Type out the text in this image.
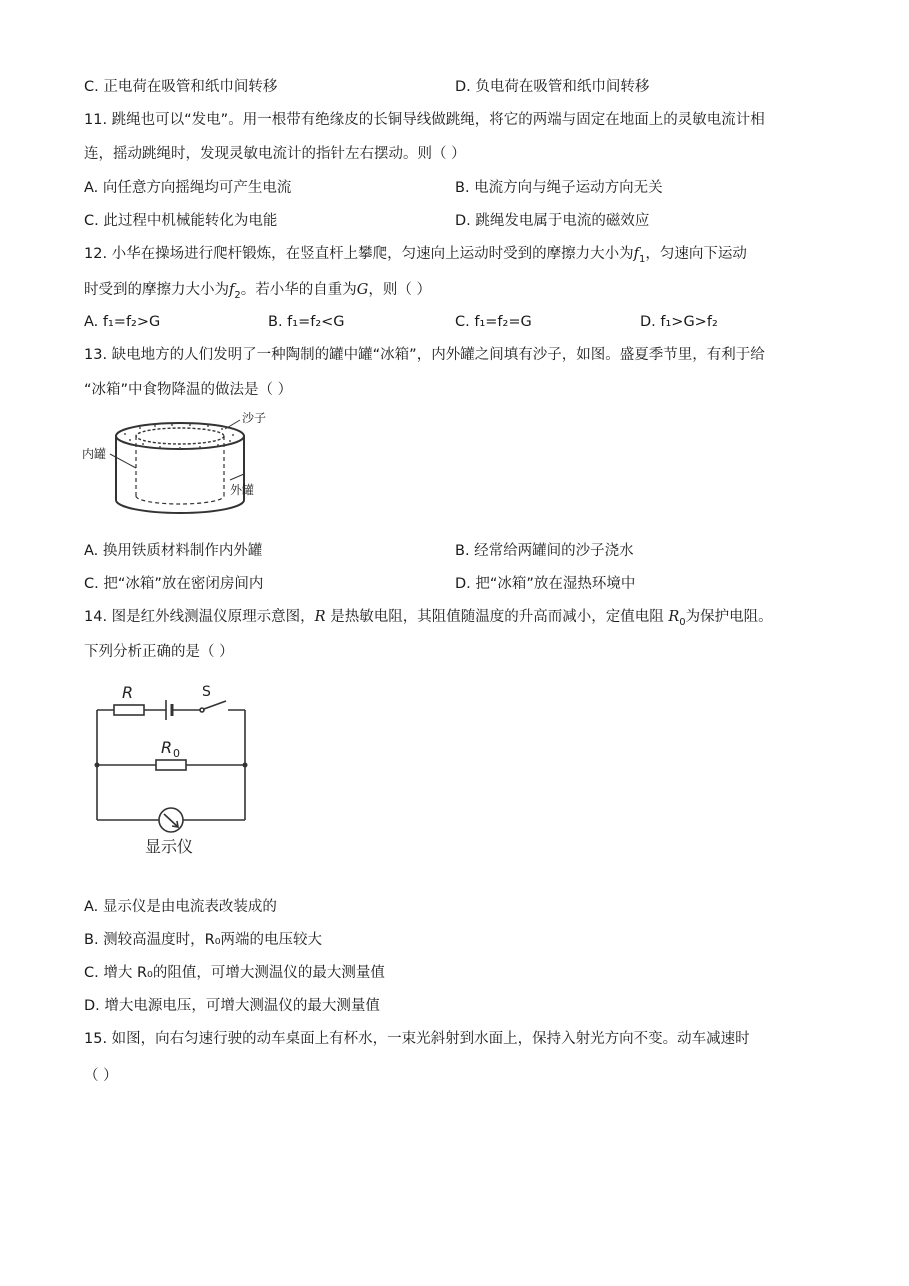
C. 正电荷在吸管和纸巾间转移	D. 负电荷在吸管和纸巾间转移
11. 跳绳也可以“发电”。用一根带有绝缘皮的长铜导线做跳绳，将它的两端与固定在地面上的灵敏电流计相
连，摇动跳绳时，发现灵敏电流计的指针左右摆动。则（ ）
A. 向任意方向摇绳均可产生电流	B. 电流方向与绳子运动方向无关
C. 此过程中机械能转化为电能	D. 跳绳发电属于电流的磁效应
12. 小华在操场进行爬杆锻炼，在竖直杆上攀爬，匀速向上运动时受到的摩擦力大小为$f_1$，匀速向下运动
时受到的摩擦力大小为$f_2$。若小华的自重为G，则（ ）
A. f₁=f₂>G	B. f₁=f₂<G	C. f₁=f₂=G	D. f₁>G>f₂
13. 缺电地方的人们发明了一种陶制的罐中罐“冰箱”，内外罐之间填有沙子，如图。盛夏季节里，有利于给
“冰箱”中食物降温的做法是（ ）
沙子
内罐
外罐
A. 换用铁质材料制作内外罐	B. 经常给两罐间的沙子浇水
C. 把“冰箱”放在密闭房间内	D. 把“冰箱”放在湿热环境中
14. 图是红外线测温仪原理示意图，R 是热敏电阻，其阻值随温度的升高而减小，定值电阻 $R_0$为保护电阻。
下列分析正确的是（ ）
R	S
R 0
显示仪
A. 显示仪是由电流表改装成的
B. 测较高温度时，R₀两端的电压较大
C. 增大 R₀的阻值，可增大测温仪的最大测量值
D. 增大电源电压，可增大测温仪的最大测量值
15. 如图，向右匀速行驶的动车桌面上有杯水，一束光斜射到水面上，保持入射光方向不变。动车减速时
（ ）
